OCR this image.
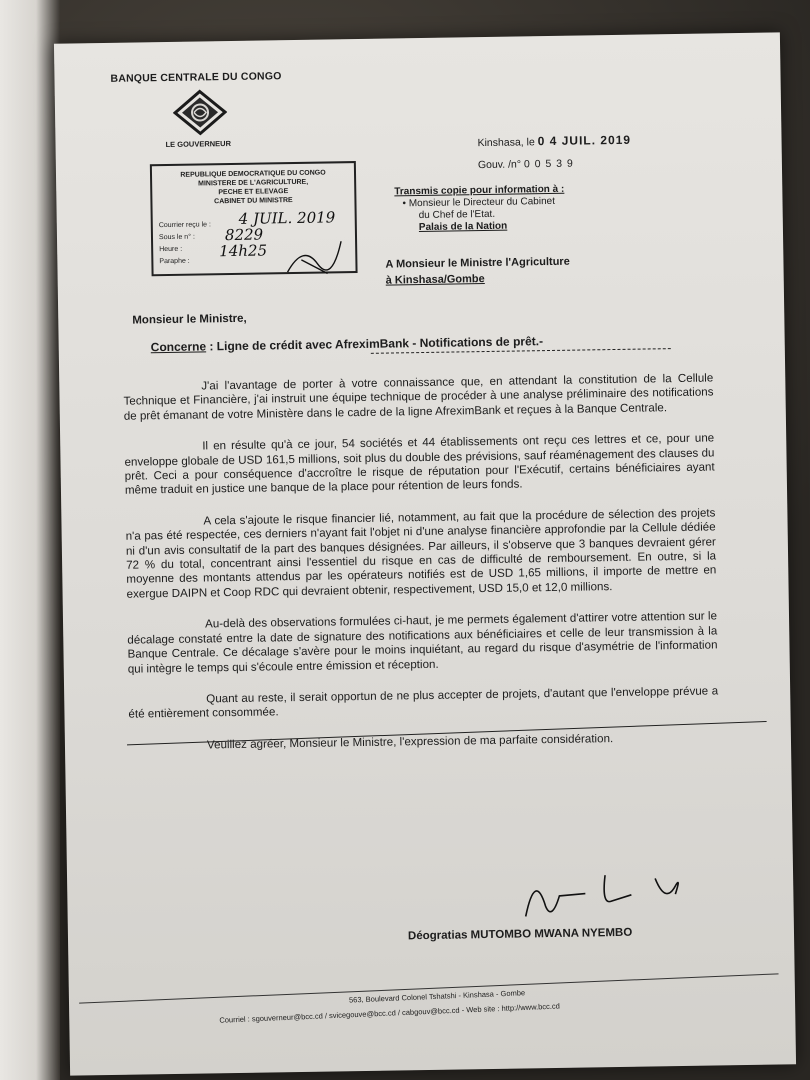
BANQUE CENTRALE DU CONGO
LE GOUVERNEUR
REPUBLIQUE DEMOCRATIQUE DU CONGO
MINISTERE DE L'AGRICULTURE,
PECHE ET ELEVAGE
CABINET DU MINISTRE
Courrier reçu le :
Sous le n° :
Heure :
Paraphe :
4 JUIL. 2019
8229
14h25
Kinshasa, le 0 4 JUIL. 2019
Gouv. /n° 0 0 5 3 9
Transmis copie pour information à :
• Monsieur le Directeur du Cabinet
du Chef de l'Etat.
Palais de la Nation
A Monsieur le Ministre l'Agriculture
à Kinshasa/Gombe
Monsieur le Ministre,
Concerne : Ligne de crédit avec AfreximBank - Notifications de prêt.-

J'ai l'avantage de porter à votre connaissance que, en attendant la constitution de la Cellule Technique et Financière, j'ai instruit une équipe technique de procéder à une analyse préliminaire des notifications de prêt émanant de votre Ministère dans le cadre de la ligne AfreximBank et reçues à la Banque Centrale.

Il en résulte qu'à ce jour, 54 sociétés et 44 établissements ont reçu ces lettres et ce, pour une enveloppe globale de USD 161,5 millions, soit plus du double des prévisions, sauf réaménagement des clauses du prêt. Ceci a pour conséquence d'accroître le risque de réputation pour l'Exécutif, certains bénéficiaires ayant même traduit en justice une banque de la place pour rétention de leurs fonds.

A cela s'ajoute le risque financier lié, notamment, au fait que la procédure de sélection des projets n'a pas été respectée, ces derniers n'ayant fait l'objet ni d'une analyse financière approfondie par la Cellule dédiée ni d'un avis consultatif de la part des banques désignées. Par ailleurs, il s'observe que 3 banques devraient gérer 72 % du total, concentrant ainsi l'essentiel du risque en cas de difficulté de remboursement. En outre, si la moyenne des montants attendus par les opérateurs notifiés est de USD 1,65 millions, il importe de mettre en exergue DAIPN et Coop RDC qui devraient obtenir, respectivement, USD 15,0 et 12,0 millions.

Au-delà des observations formulées ci-haut, je me permets également d'attirer votre attention sur le décalage constaté entre la date de signature des notifications aux bénéficiaires et celle de leur transmission à la Banque Centrale. Ce décalage s'avère pour le moins inquiétant, au regard du risque d'asymétrie de l'information qui intègre le temps qui s'écoule entre émission et réception.

Quant au reste, il serait opportun de ne plus accepter de projets, d'autant que l'enveloppe prévue a été entièrement consommée.

Veuillez agréer, Monsieur le Ministre, l'expression de ma parfaite considération.

Déogratias MUTOMBO MWANA NYEMBO
563, Boulevard Colonel Tshatshi - Kinshasa - Gombe
Courriel : sgouverneur@bcc.cd / svicegouve@bcc.cd / cabgouv@bcc.cd - Web site : http://www.bcc.cd
